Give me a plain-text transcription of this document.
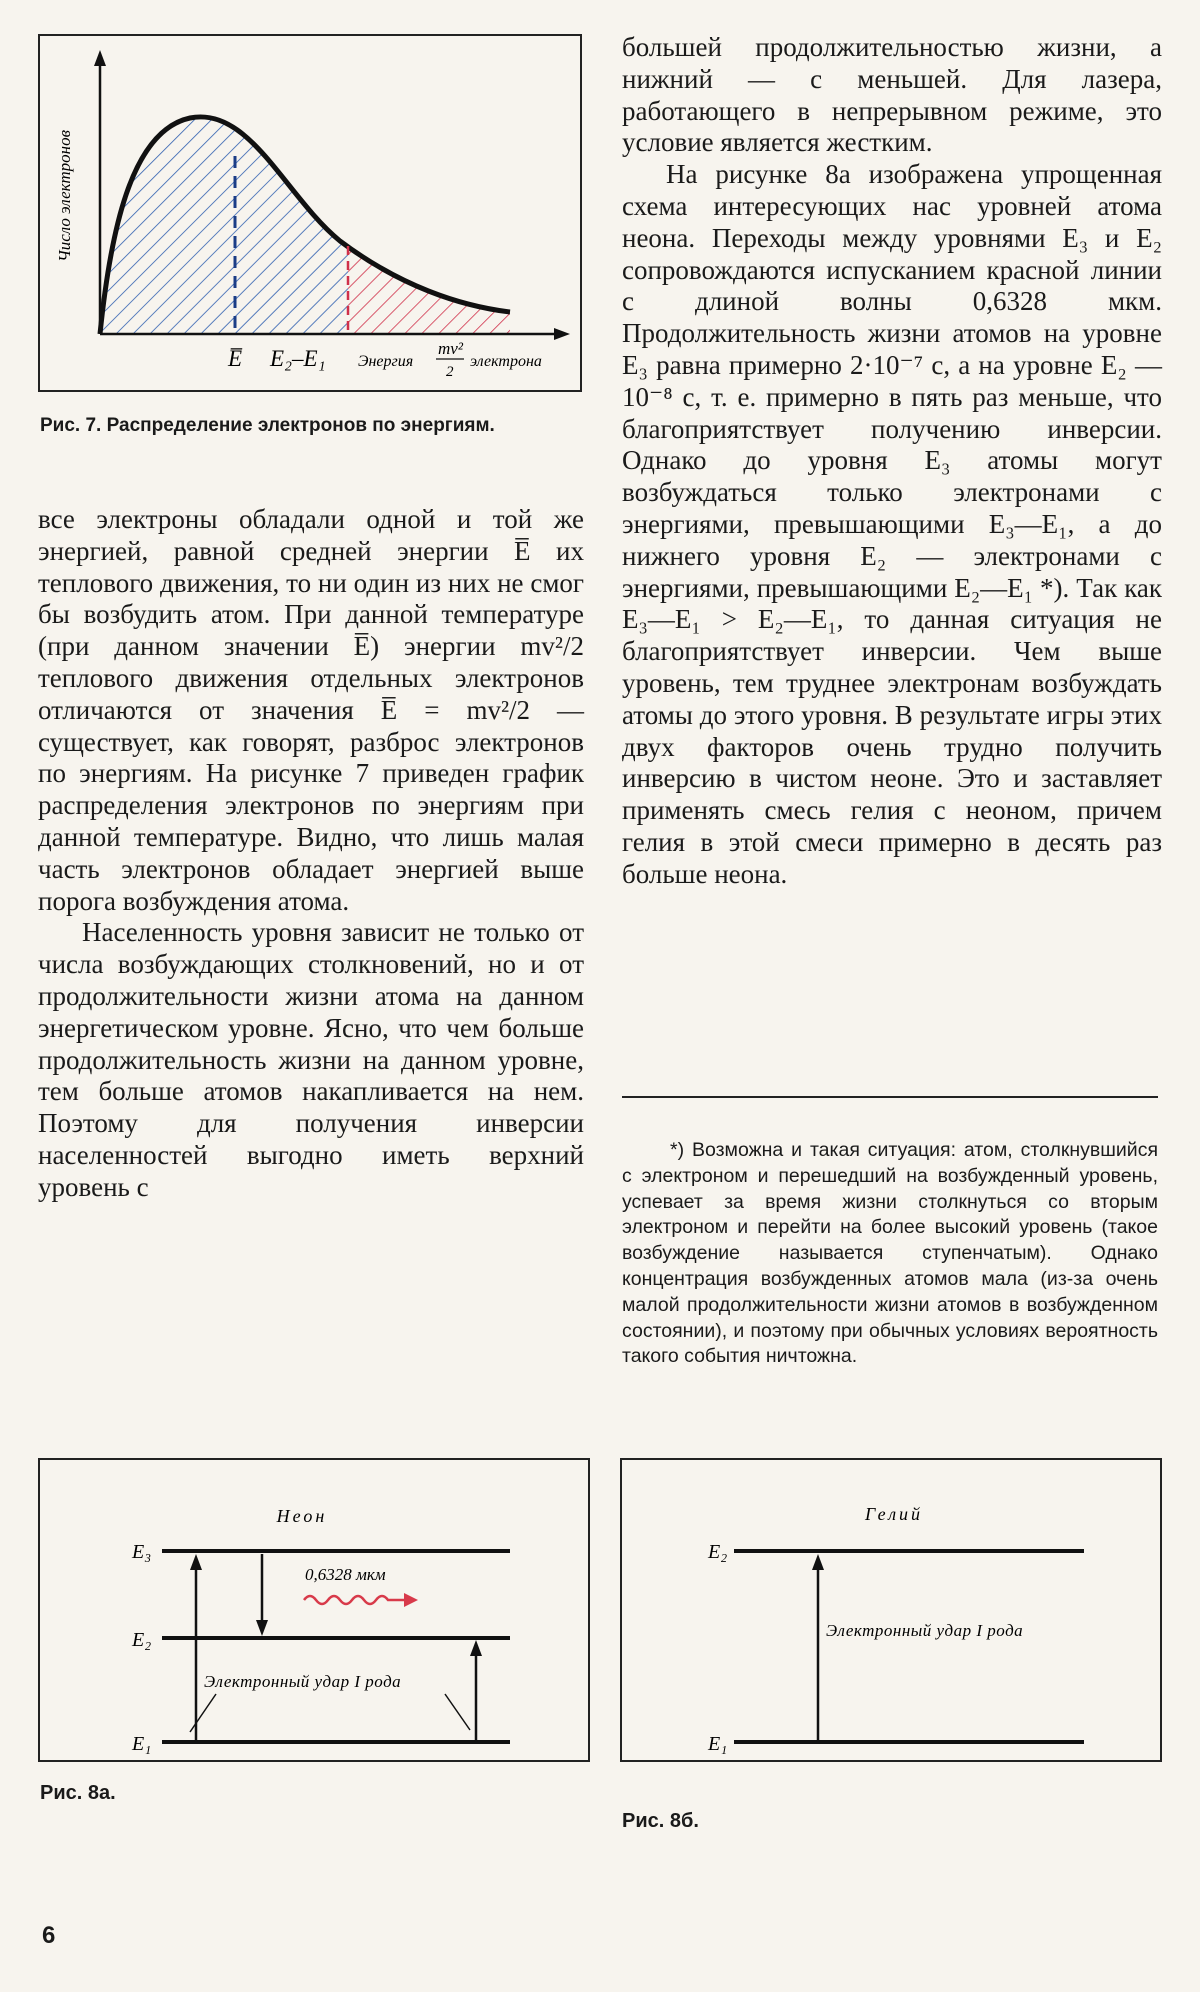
Число электронов
E̅ E₂–E₁ Энергия
mv²
2
электрона
Рис. 7. Распределение электронов по энергиям.

все электроны обладали одной и той же энергией, равной средней энергии E̅ их теплового движения, то ни один из них не смог бы возбудить атом. При данной температуре (при данном значении E̅) энергии mv²/2 теплового движения отдельных электронов отличаются от значения E̅ = mv²/2 — существует, как говорят, разброс электронов по энергиям. На рисунке 7 приведен график распределения электронов по энергиям при данной температуре. Видно, что лишь малая часть электронов обладает энергией выше порога возбуждения атома.

Населенность уровня зависит не только от числа возбуждающих столкновений, но и от продолжительности жизни атома на данном энергетическом уровне. Ясно, что чем больше продолжительность жизни на данном уровне, тем больше атомов накапливается на нем. Поэтому для получения инверсии населенностей выгодно иметь верхний уровень с

большей продолжительностью жизни, а нижний — с меньшей. Для лазера, работающего в непрерывном режиме, это условие является жестким.

На рисунке 8а изображена упрощенная схема интересующих нас уровней атома неона. Переходы между уровнями E₃ и E₂ сопровождаются испусканием красной линии с длиной волны 0,6328 мкм. Продолжительность жизни атомов на уровне E₃ равна примерно 2·10⁻⁷ с, а на уровне E₂ — 10⁻⁸ с, т. е. примерно в пять раз меньше, что благоприятствует получению инверсии. Однако до уровня E₃ атомы могут возбуждаться только электронами с энергиями, превышающими E₃—E₁, а до нижнего уровня E₂ — электронами с энергиями, превышающими E₂—E₁ *). Так как E₃—E₁ > E₂—E₁, то данная ситуация не благоприятствует инверсии. Чем выше уровень, тем труднее электронам возбуждать атомы до этого уровня. В результате игры этих двух факторов очень трудно получить инверсию в чистом неоне. Это и заставляет применять смесь гелия с неоном, причем гелия в этой смеси примерно в десять раз больше неона.

*) Возможна и такая ситуация: атом, столкнувшийся с электроном и перешедший на возбужденный уровень, успевает за время жизни столкнуться со вторым электроном и перейти на более высокий уровень (такое возбуждение называется ступенчатым). Однако концентрация возбужденных атомов мала (из-за очень малой продолжительности жизни атомов в возбужденном состоянии), и поэтому при обычных условиях вероятность такого события ничтожна.
Неон
E₃
E₂
E₁
0,6328 мкм
Электронный удар I рода
Рис. 8а.
Гелий
E₂
E₁
Электронный удар I рода
Рис. 8б.
6
